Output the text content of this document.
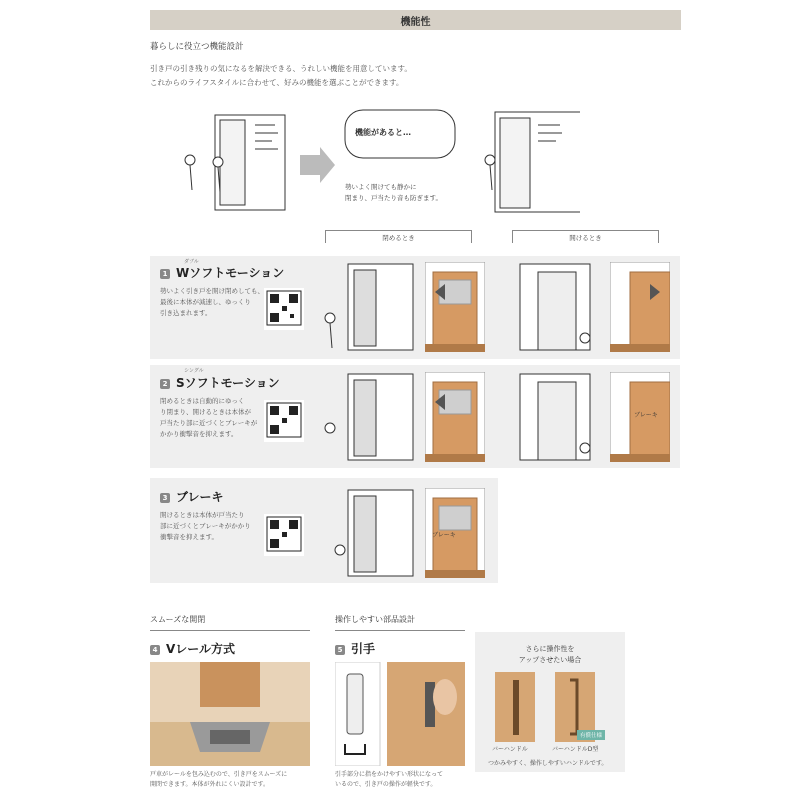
機能性
暮らしに役立つ機能設計
引き戸の引き残りの気になるを解決できる、うれしい機能を用意しています。
これからのライフスタイルに合わせて、好みの機能を選ぶことができます。
機能があると…
勢いよく開けても静かに
閉まり、戸当たり音も防ぎます。
閉めるとき	開けるとき
ダブル
1 Wソフトモーション
勢いよく引き戸を開け閉めしても、
最後に本体が減速し、ゆっくり
引き込まれます。
シングル
2 Sソフトモーション
閉めるときは自動的にゆっく
り閉まり、開けるときは本体が
戸当たり部に近づくとブレーキが
かかり衝撃音を抑えます。
ブレーキ
3 ブレーキ
開けるときは本体が戸当たり
部に近づくとブレーキがかかり
衝撃音を抑えます。	ブレーキ
スムーズな開閉
4 Vレール方式
戸車がレールを包み込むので、引き戸をスムーズに
開閉できます。本体が外れにくい設計です。
操作しやすい部品設計
5 引手
引手部分に指をかけやすい形状になって
いるので、引き戸の操作が軽快です。
さらに操作性を
アップさせたい場合
有償仕様
バーハンドル	バーハンドルD型
つかみやすく、操作しやすいハンドルです。
